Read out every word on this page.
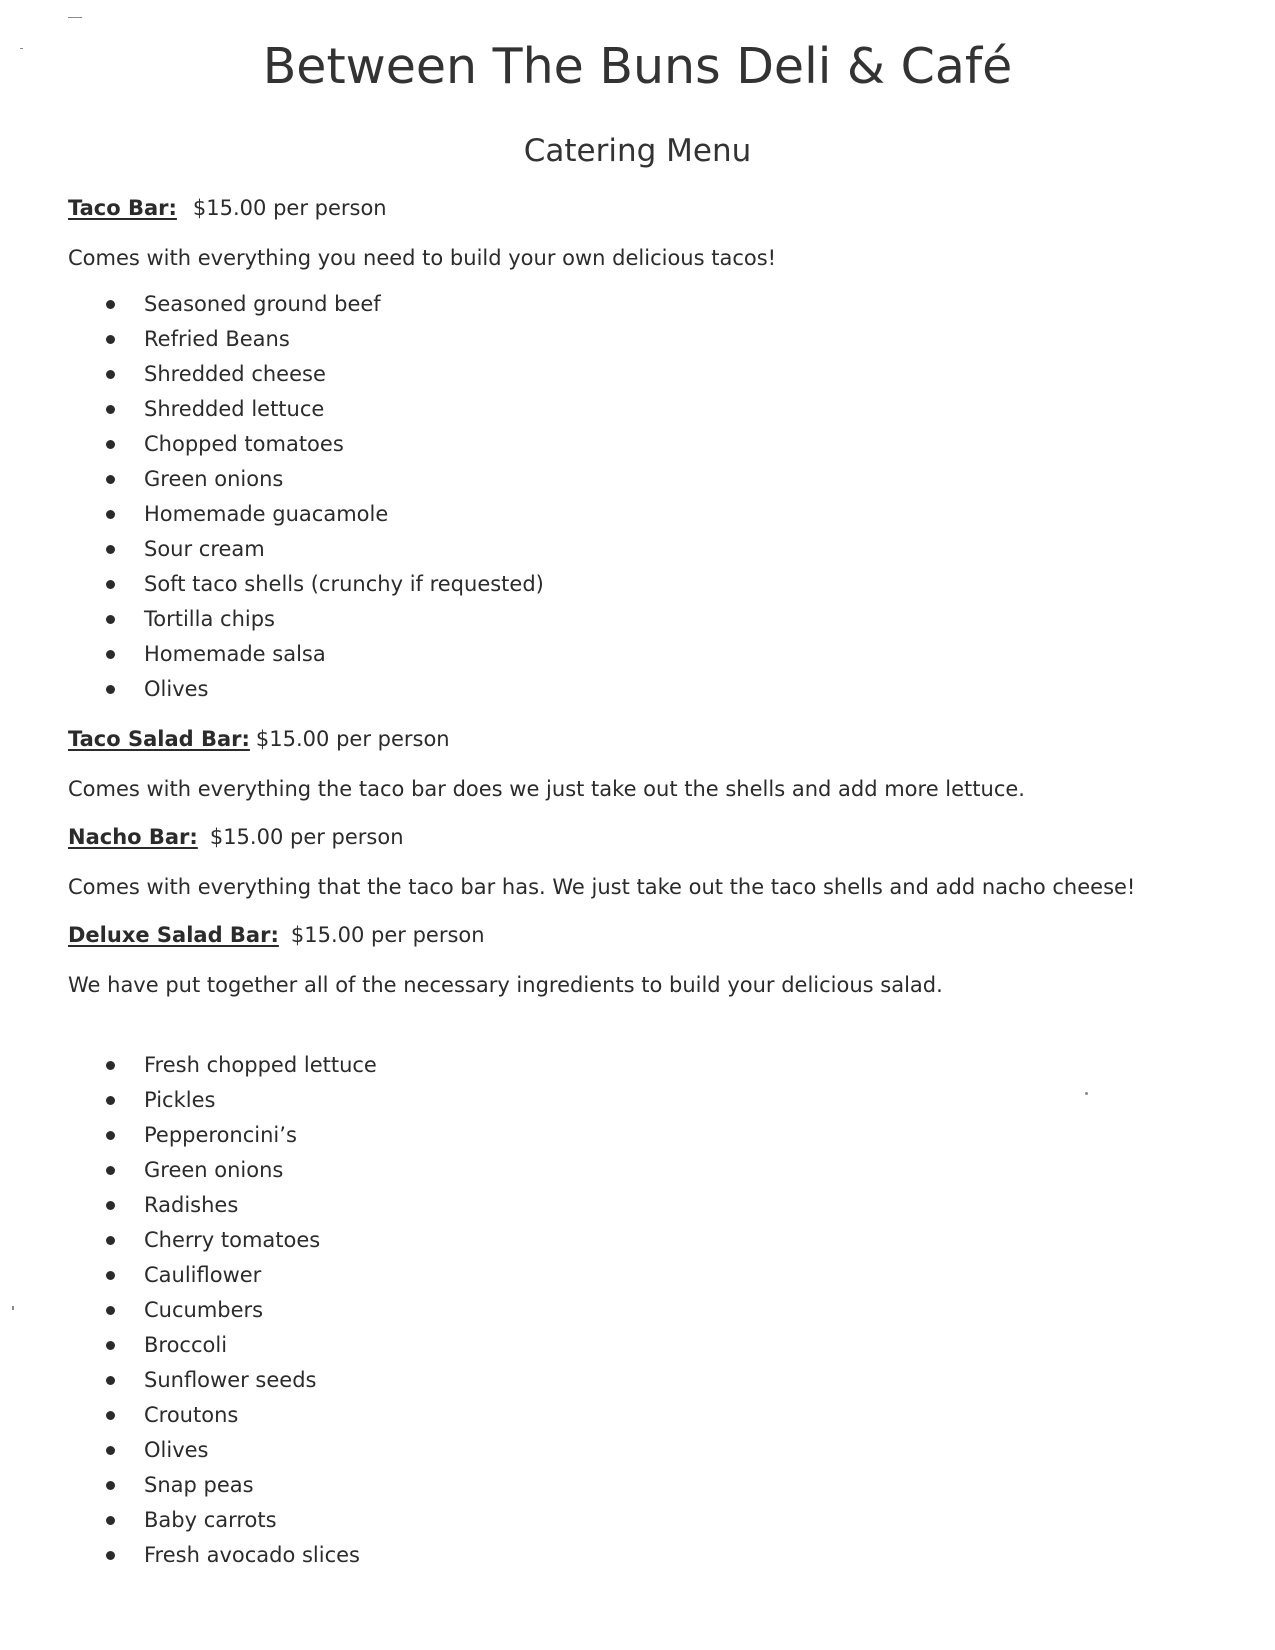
Between The Buns Deli & Café
Catering Menu

Taco Bar: $15.00 per person

Comes with everything you need to build your own delicious tacos!

Seasoned ground beef
Refried Beans
Shredded cheese
Shredded lettuce
Chopped tomatoes
Green onions
Homemade guacamole
Sour cream
Soft taco shells (crunchy if requested)
Tortilla chips
Homemade salsa
Olives

Taco Salad Bar: $15.00 per person

Comes with everything the taco bar does we just take out the shells and add more lettuce.

Nacho Bar: $15.00 per person

Comes with everything that the taco bar has. We just take out the taco shells and add nacho cheese!

Deluxe Salad Bar: $15.00 per person

We have put together all of the necessary ingredients to build your delicious salad.

Fresh chopped lettuce
Pickles
Pepperoncini’s
Green onions
Radishes
Cherry tomatoes
Cauliflower
Cucumbers
Broccoli
Sunflower seeds
Croutons
Olives
Snap peas
Baby carrots
Fresh avocado slices
